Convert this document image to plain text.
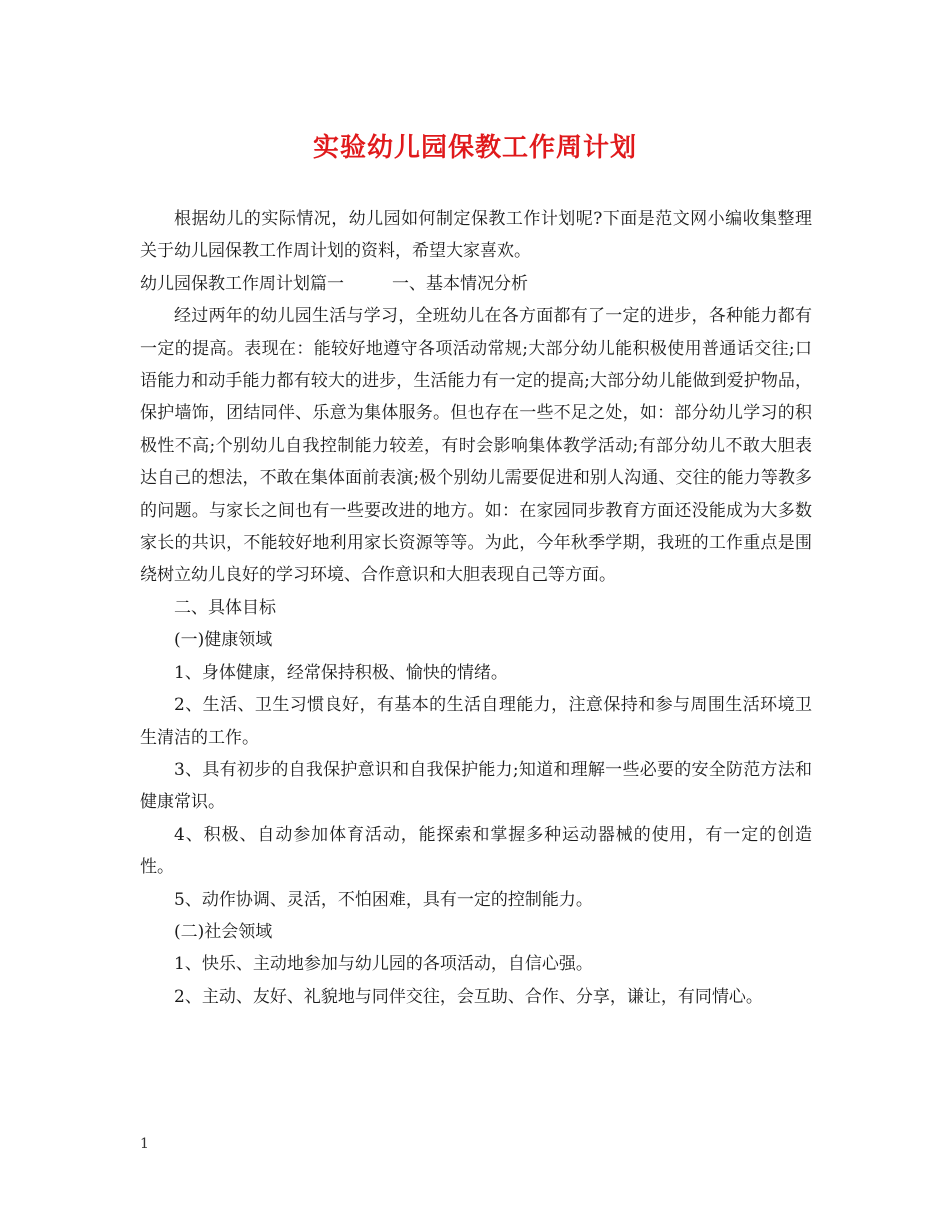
实验幼儿园保教工作周计划

根据幼儿的实际情况，幼儿园如何制定保教工作计划呢?下面是范文网小编收集整理关于幼儿园保教工作周计划的资料，希望大家喜欢。

幼儿园保教工作周计划篇一	一、基本情况分析

经过两年的幼儿园生活与学习，全班幼儿在各方面都有了一定的进步，各种能力都有一定的提高。表现在：能较好地遵守各项活动常规;大部分幼儿能积极使用普通话交往;口语能力和动手能力都有较大的进步，生活能力有一定的提高;大部分幼儿能做到爱护物品，保护墙饰，团结同伴、乐意为集体服务。但也存在一些不足之处，如：部分幼儿学习的积极性不高;个别幼儿自我控制能力较差，有时会影响集体教学活动;有部分幼儿不敢大胆表达自己的想法，不敢在集体面前表演;极个别幼儿需要促进和别人沟通、交往的能力等教多的问题。与家长之间也有一些要改进的地方。如：在家园同步教育方面还没能成为大多数家长的共识，不能较好地利用家长资源等等。为此，今年秋季学期，我班的工作重点是围绕树立幼儿良好的学习环境、合作意识和大胆表现自己等方面。

二、具体目标

(一)健康领域

1、身体健康，经常保持积极、愉快的情绪。

2、生活、卫生习惯良好，有基本的生活自理能力，注意保持和参与周围生活环境卫生清洁的工作。

3、具有初步的自我保护意识和自我保护能力;知道和理解一些必要的安全防范方法和健康常识。

4、积极、自动参加体育活动，能探索和掌握多种运动器械的使用，有一定的创造性。

5、动作协调、灵活，不怕困难，具有一定的控制能力。

(二)社会领域

1、快乐、主动地参加与幼儿园的各项活动，自信心强。

2、主动、友好、礼貌地与同伴交往，会互助、合作、分享，谦让，有同情心。

1
